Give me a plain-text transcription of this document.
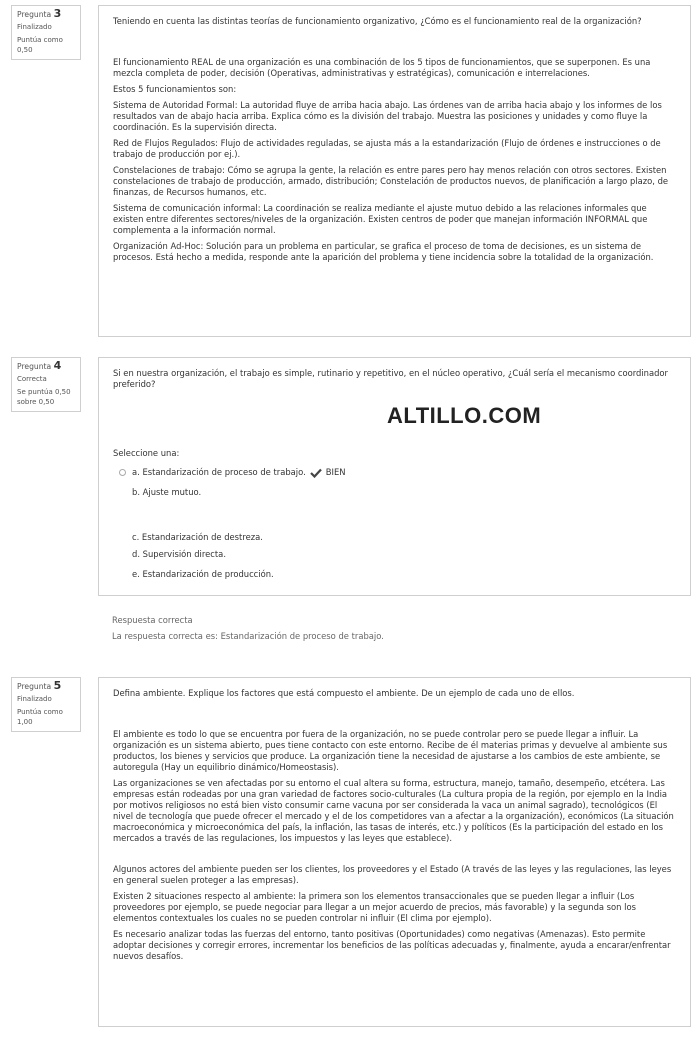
Pregunta 3
Finalizado
Puntúa como 0,50

Teniendo en cuenta las distintas teorías de funcionamiento organizativo, ¿Cómo es el funcionamiento real de la organización?

El funcionamiento REAL de una organización es una combinación de los 5 tipos de funcionamientos, que se superponen. Es una mezcla completa de poder, decisión (Operativas, administrativas y estratégicas), comunicación e interrelaciones.

Estos 5 funcionamientos son:

Sistema de Autoridad Formal: La autoridad fluye de arriba hacia abajo. Las órdenes van de arriba hacia abajo y los informes de los resultados van de abajo hacia arriba. Explica cómo es la división del trabajo. Muestra las posiciones y unidades y como fluye la coordinación. Es la supervisión directa.

Red de Flujos Regulados: Flujo de actividades reguladas, se ajusta más a la estandarización (Flujo de órdenes e instrucciones o de trabajo de producción por ej.).

Constelaciones de trabajo: Cómo se agrupa la gente, la relación es entre pares pero hay menos relación con otros sectores. Existen constelaciones de trabajo de producción, armado, distribución; Constelación de productos nuevos, de planificación a largo plazo, de finanzas, de Recursos humanos, etc.

Sistema de comunicación informal: La coordinación se realiza mediante el ajuste mutuo debido a las relaciones informales que existen entre diferentes sectores/niveles de la organización. Existen centros de poder que manejan información INFORMAL que complementa a la información normal.

Organización Ad-Hoc: Solución para un problema en particular, se grafica el proceso de toma de decisiones, es un sistema de procesos. Está hecho a medida, responde ante la aparición del problema y tiene incidencia sobre la totalidad de la organización.

Pregunta 4
Correcta
Se puntúa 0,50 sobre 0,50

Si en nuestra organización, el trabajo es simple, rutinario y repetitivo, en el núcleo operativo, ¿Cuál sería el mecanismo coordinador preferido?

ALTILLO.COM
Seleccione una:
a. Estandarización de proceso de trabajo. BIEN
b. Ajuste mutuo.
c. Estandarización de destreza.
d. Supervisión directa.
e. Estandarización de producción.
Respuesta correcta
La respuesta correcta es: Estandarización de proceso de trabajo.
Pregunta 5
Finalizado
Puntúa como 1,00

Defina ambiente. Explique los factores que está compuesto el ambiente. De un ejemplo de cada uno de ellos.

El ambiente es todo lo que se encuentra por fuera de la organización, no se puede controlar pero se puede llegar a influir. La organización es un sistema abierto, pues tiene contacto con este entorno. Recibe de él materias primas y devuelve al ambiente sus productos, los bienes y servicios que produce. La organización tiene la necesidad de ajustarse a los cambios de este ambiente, se autoregula (Hay un equilibrio dinámico/Homeostasis).

Las organizaciones se ven afectadas por su entorno el cual altera su forma, estructura, manejo, tamaño, desempeño, etcétera. Las empresas están rodeadas por una gran variedad de factores socio-culturales (La cultura propia de la región, por ejemplo en la India por motivos religiosos no está bien visto consumir carne vacuna por ser considerada la vaca un animal sagrado), tecnológicos (El nivel de tecnología que puede ofrecer el mercado y el de los competidores van a afectar a la organización), económicos (La situación macroeconómica y microeconómica del país, la inflación, las tasas de interés, etc.) y políticos (Es la participación del estado en los mercados a través de las regulaciones, los impuestos y las leyes que establece).

Algunos actores del ambiente pueden ser los clientes, los proveedores y el Estado (A través de las leyes y las regulaciones, las leyes en general suelen proteger a las empresas).

Existen 2 situaciones respecto al ambiente: la primera son los elementos transaccionales que se pueden llegar a influir (Los proveedores por ejemplo, se puede negociar para llegar a un mejor acuerdo de precios, más favorable) y la segunda son los elementos contextuales los cuales no se pueden controlar ni influir (El clima por ejemplo).

Es necesario analizar todas las fuerzas del entorno, tanto positivas (Oportunidades) como negativas (Amenazas). Esto permite adoptar decisiones y corregir errores, incrementar los beneficios de las políticas adecuadas y, finalmente, ayuda a encarar/enfrentar nuevos desafíos.
